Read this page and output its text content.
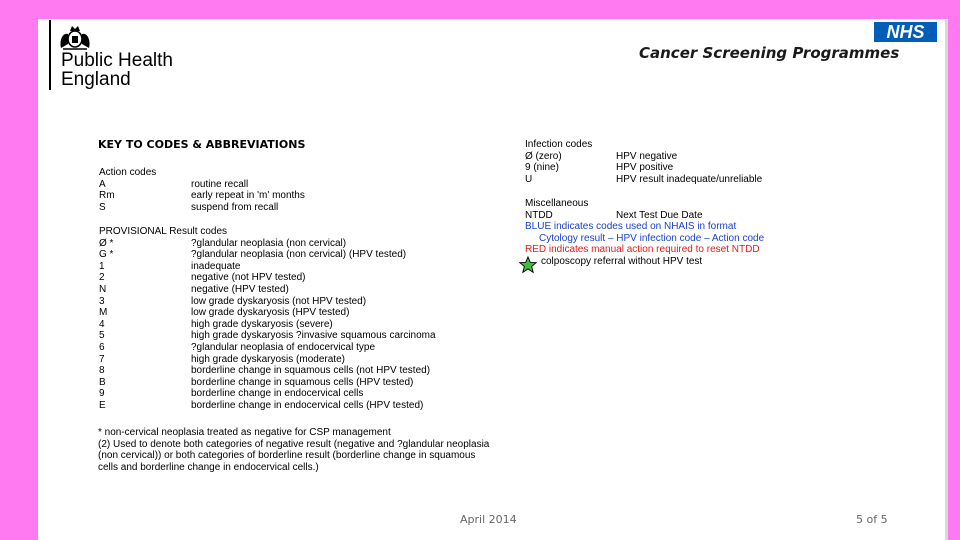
Public Health
England
NHS
Cancer Screening Programmes
KEY TO CODES & ABBREVIATIONS
Action codes
A	routine recall
Rm	early repeat in 'm' months
S	suspend from recall
PROVISIONAL Result codes
Ø *	?glandular neoplasia (non cervical)
G *	?glandular neoplasia (non cervical) (HPV tested)
1	inadequate
2	negative (not HPV tested)
N	negative (HPV tested)
3	low grade dyskaryosis (not HPV tested)
M	low grade dyskaryosis (HPV tested)
4	high grade dyskaryosis (severe)
5	high grade dyskaryosis ?invasive squamous carcinoma
6	?glandular neoplasia of endocervical type
7	high grade dyskaryosis (moderate)
8	borderline change in squamous cells (not HPV tested)
B	borderline change in squamous cells (HPV tested)
9	borderline change in endocervical cells
E	borderline change in endocervical cells (HPV tested)
* non-cervical neoplasia treated as negative for CSP management
(2) Used to denote both categories of negative result (negative and ?glandular neoplasia (non cervical)) or both categories of borderline result (borderline change in squamous cells and borderline change in endocervical cells.)
Infection codes
Ø (zero)	HPV negative
9 (nine)	HPV positive
U	HPV result inadequate/unreliable
Miscellaneous
NTDD	Next Test Due Date
BLUE indicates codes used on NHAIS in format
Cytology result – HPV infection code – Action code
RED indicates manual action required to reset NTDD
colposcopy referral without HPV test
April 2014	5 of 5
